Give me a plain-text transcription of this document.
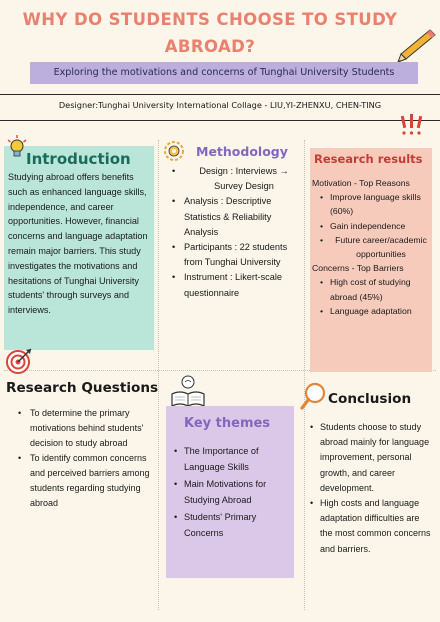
WHY DO STUDENTS CHOOSE TO STUDY ABROAD?
Exploring the motivations and concerns of Tunghai University Students
Designer:Tunghai University International Collage - LIU,YI-ZHENXU, CHEN-TING
Introduction
Studying abroad offers benefits such as enhanced language skills, independence, and career opportunities. However, financial concerns and language adaptation remain major barriers. This study investigates the motivations and hesitations of Tunghai University students' through surveys and interviews.
Methodology
• Design : Interviews → Survey Design
• Analysis : Descriptive Statistics & Reliability Analysis
• Participants : 22 students from Tunghai University
• Instrument : Likert-scale questionnaire
Research results
Motivation - Top Reasons
• Improve language skills (60%)
• Gain independence
• Future career/academic opportunities
Concerns - Top Barriers
• High cost of studying abroad (45%)
• Language adaptation
Research Questions
• To determine the primary motivations behind students' decision to study abroad
• To identify common concerns and perceived barriers among students regarding studying abroad
Key themes
• The Importance of Language Skills
• Main Motivations for Studying Abroad
• Students' Primary Concerns
Conclusion
• Students choose to study abroad mainly for language improvement, personal growth, and career development.
• High costs and language adaptation difficulties are the most common concerns and barriers.
